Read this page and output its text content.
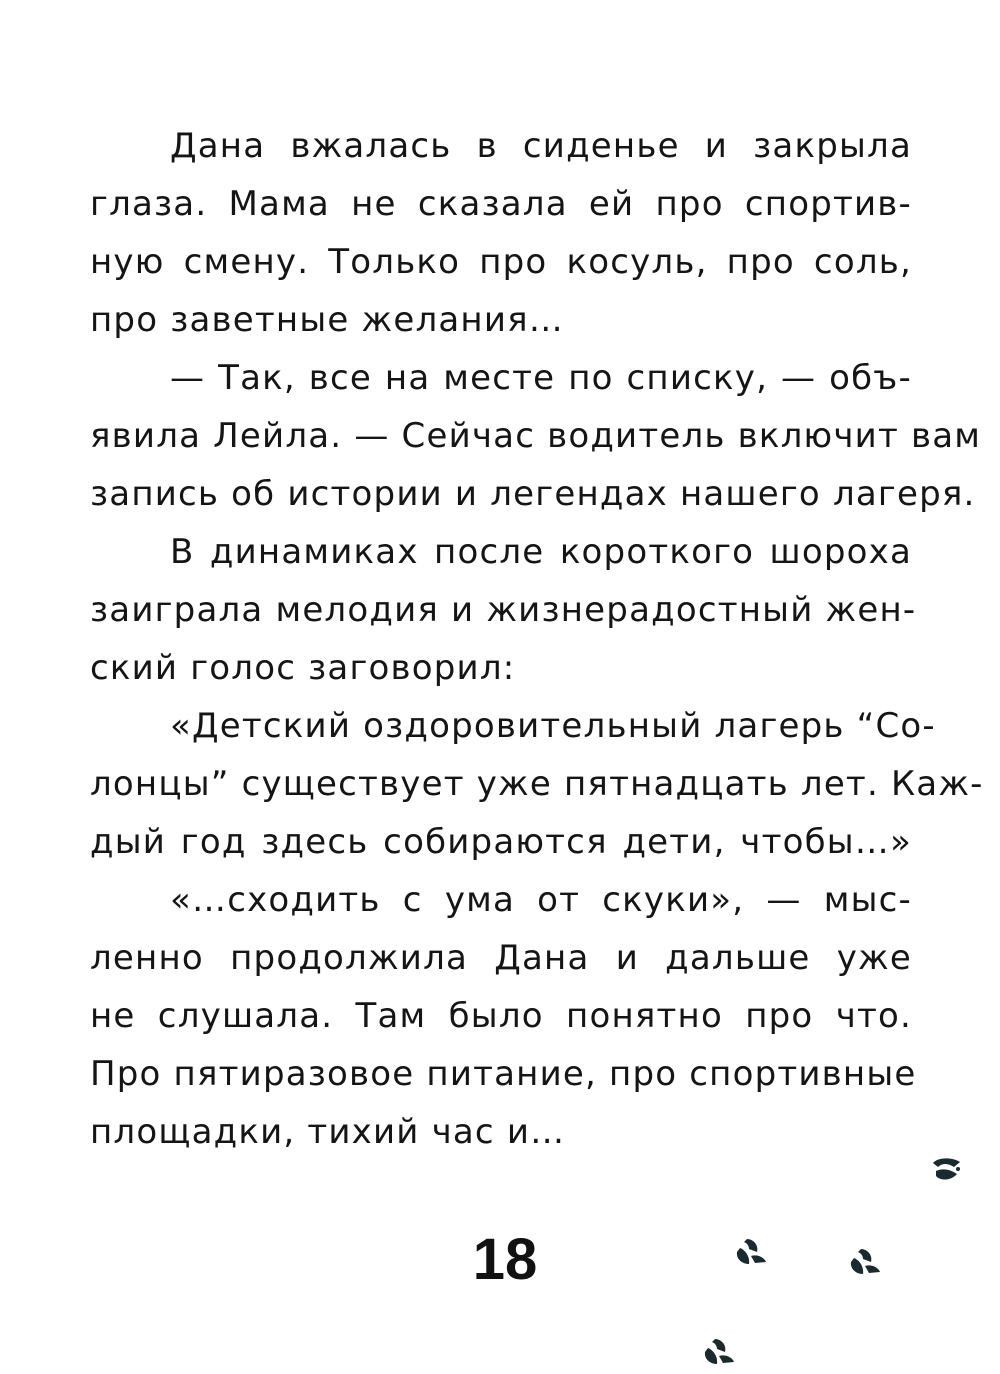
Дана вжалась в сиденье и закрыла
глаза. Мама не сказала ей про спортив-
ную смену. Только про косуль, про соль,
про заветные желания…
— Так, все на месте по списку, — объ-
явила Лейла. — Сейчас водитель включит вам
запись об истории и легендах нашего лагеря.
В динамиках после короткого шороха
заиграла мелодия и жизнерадостный жен-
ский голос заговорил:
«Детский оздоровительный лагерь “Со-
лонцы” существует уже пятнадцать лет. Каж-
дый год здесь собираются дети, чтобы…»
«…сходить с ума от скуки», — мыс-
ленно продолжила Дана и дальше уже
не слушала. Там было понятно про что.
Про пятиразовое питание, про спортивные
площадки, тихий час и…
18
